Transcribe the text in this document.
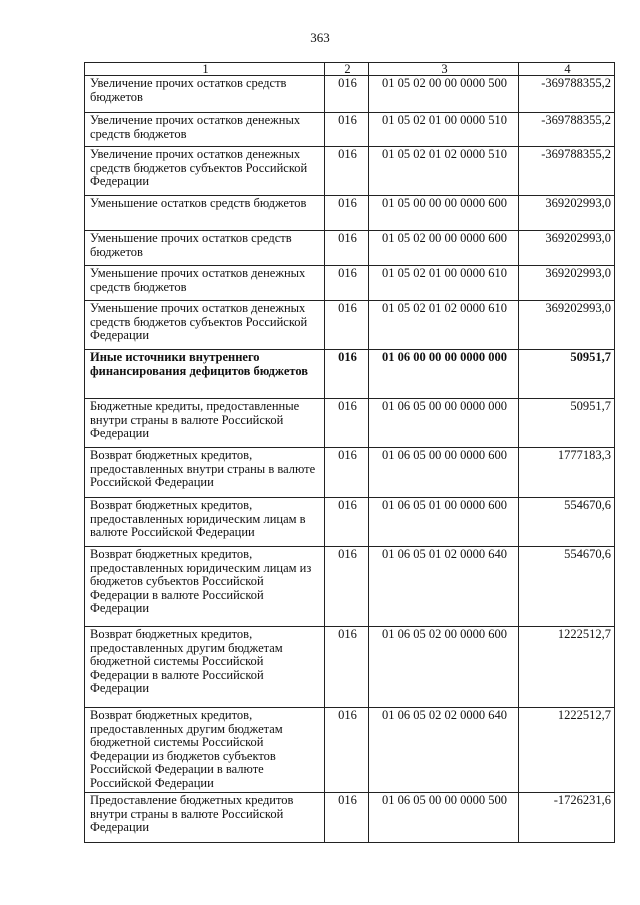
363
1	2	3	4
Увеличение прочих остатков средств бюджетов	016	01 05 02 00 00 0000 500	-369788355,2
Увеличение прочих остатков денежных средств бюджетов	016	01 05 02 01 00 0000 510	-369788355,2
Увеличение прочих остатков денежных средств бюджетов субъектов Российской Федерации	016	01 05 02 01 02 0000 510	-369788355,2
Уменьшение остатков средств бюджетов	016	01 05 00 00 00 0000 600	369202993,0
Уменьшение прочих остатков средств бюджетов	016	01 05 02 00 00 0000 600	369202993,0
Уменьшение прочих остатков денежных средств бюджетов	016	01 05 02 01 00 0000 610	369202993,0
Уменьшение прочих остатков денежных средств бюджетов субъектов Российской Федерации	016	01 05 02 01 02 0000 610	369202993,0
Иные источники внутреннего финансирования дефицитов бюджетов	016	01 06 00 00 00 0000 000	50951,7
Бюджетные кредиты, предоставленные внутри страны в валюте Российской Федерации	016	01 06 05 00 00 0000 000	50951,7
Возврат бюджетных кредитов, предоставленных внутри страны в валюте Российской Федерации	016	01 06 05 00 00 0000 600	1777183,3
Возврат бюджетных кредитов, предоставленных юридическим лицам в валюте Российской Федерации	016	01 06 05 01 00 0000 600	554670,6
Возврат бюджетных кредитов, предоставленных юридическим лицам из бюджетов субъектов Российской Федерации в валюте Российской Федерации	016	01 06 05 01 02 0000 640	554670,6
Возврат бюджетных кредитов, предоставленных другим бюджетам бюджетной системы Российской Федерации в валюте Российской Федерации	016	01 06 05 02 00 0000 600	1222512,7
Возврат бюджетных кредитов, предоставленных другим бюджетам бюджетной системы Российской Федерации из бюджетов субъектов Российской Федерации в валюте Российской Федерации	016	01 06 05 02 02 0000 640	1222512,7
Предоставление бюджетных кредитов внутри страны в валюте Российской Федерации	016	01 06 05 00 00 0000 500	-1726231,6
